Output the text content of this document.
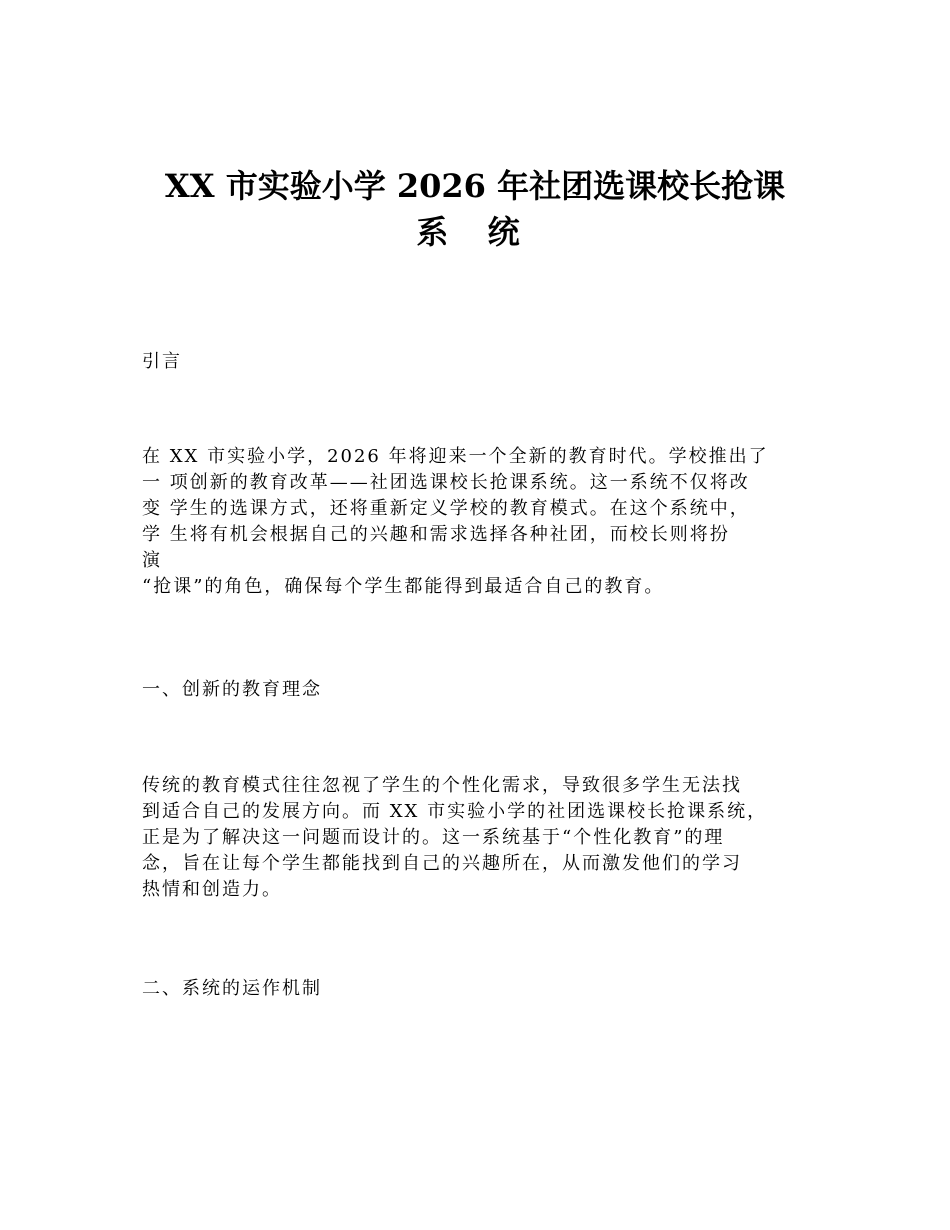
XX 市实验小学 2026 年社团选课校长抢课
系 统

引言

在 XX 市实验小学，2026 年将迎来一个全新的教育时代。学校推出了
一 项创新的教育改革——社团选课校长抢课系统。这一系统不仅将改
变 学生的选课方式，还将重新定义学校的教育模式。在这个系统中，
学 生将有机会根据自己的兴趣和需求选择各种社团，而校长则将扮
演
“抢课”的角色，确保每个学生都能得到最适合自己的教育。

一、创新的教育理念

传统的教育模式往往忽视了学生的个性化需求，导致很多学生无法找
到适合自己的发展方向。而 XX 市实验小学的社团选课校长抢课系统，
正是为了解决这一问题而设计的。这一系统基于“个性化教育”的理
念，旨在让每个学生都能找到自己的兴趣所在，从而激发他们的学习
热情和创造力。

二、系统的运作机制
